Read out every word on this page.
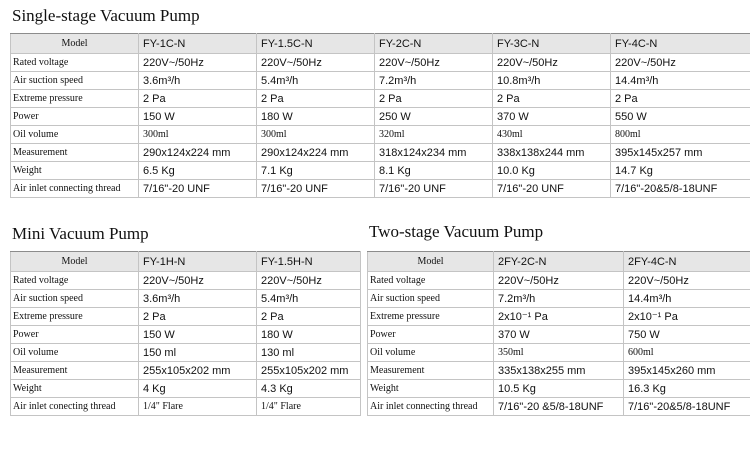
Single-stage Vacuum Pump
Model	FY-1C-N	FY-1.5C-N	FY-2C-N	FY-3C-N	FY-4C-N
Rated voltage	220V~/50Hz	220V~/50Hz	220V~/50Hz	220V~/50Hz	220V~/50Hz
Air suction speed	3.6m³/h	5.4m³/h	7.2m³/h	10.8m³/h	14.4m³/h
Extreme pressure	2 Pa	2 Pa	2 Pa	2 Pa	2 Pa
Power	150 W	180 W	250 W	370 W	550 W
Oil volume	300ml	300ml	320ml	430ml	800ml
Measurement	290x124x224 mm	290x124x224 mm	318x124x234 mm	338x138x244 mm	395x145x257 mm
Weight	6.5 Kg	7.1 Kg	8.1 Kg	10.0 Kg	14.7 Kg
Air inlet connecting thread	7/16"-20 UNF	7/16"-20 UNF	7/16"-20 UNF	7/16"-20 UNF	7/16"-20&5/8-18UNF
Mini Vacuum Pump
Model	FY-1H-N	FY-1.5H-N
Rated voltage	220V~/50Hz	220V~/50Hz
Air suction speed	3.6m³/h	5.4m³/h
Extreme pressure	2 Pa	2 Pa
Power	150 W	180 W
Oil volume	150 ml	130 ml
Measurement	255x105x202 mm	255x105x202 mm
Weight	4 Kg	4.3 Kg
Air inlet conecting thread	1/4" Flare	1/4" Flare
Two-stage Vacuum Pump
Model	2FY-2C-N	2FY-4C-N
Rated voltage	220V~/50Hz	220V~/50Hz
Air suction speed	7.2m³/h	14.4m³/h
Extreme pressure	2x10⁻¹ Pa	2x10⁻¹ Pa
Power	370 W	750 W
Oil volume	350ml	600ml
Measurement	335x138x255 mm	395x145x260 mm
Weight	10.5 Kg	16.3 Kg
Air inlet connecting thread	7/16"-20 &5/8-18UNF	7/16"-20&5/8-18UNF
